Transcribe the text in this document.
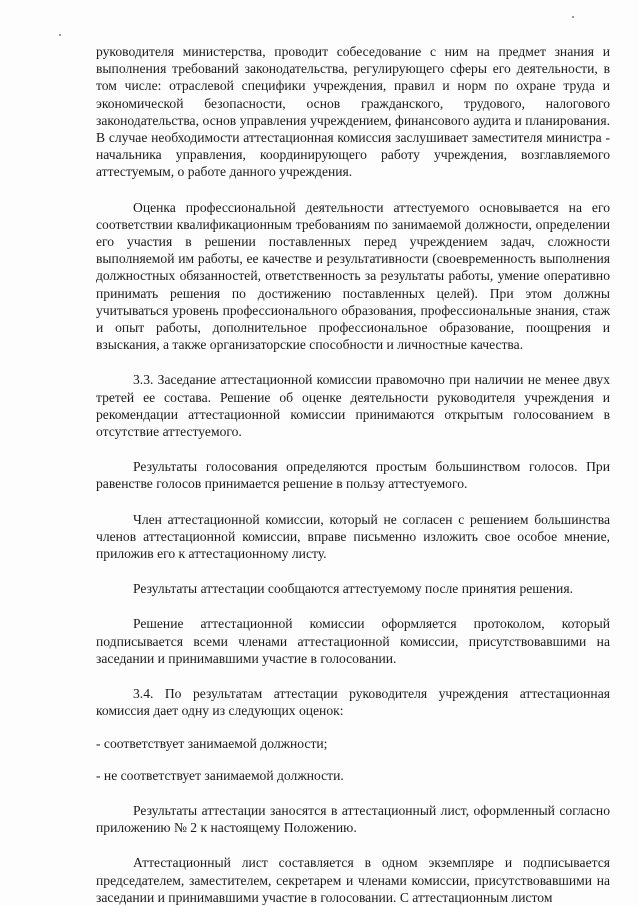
руководителя министерства, проводит собеседование с ним на предмет знания и выполнения требований законодательства, регулирующего сферы его деятельности, в том числе: отраслевой специфики учреждения, правил и норм по охране труда и экономической безопасности, основ гражданского, трудового, налогового законодательства, основ управления учреждением, финансового аудита и планирования. В случае необходимости аттестационная комиссия заслушивает заместителя министра - начальника управления, координирующего работу учреждения, возглавляемого аттестуемым, о работе данного учреждения.

Оценка профессиональной деятельности аттестуемого основывается на его соответствии квалификационным требованиям по занимаемой должности, определении его участия в решении поставленных перед учреждением задач, сложности выполняемой им работы, ее качестве и результативности (своевременность выполнения должностных обязанностей, ответственность за результаты работы, умение оперативно принимать решения по достижению поставленных целей). При этом должны учитываться уровень профессионального образования, профессиональные знания, стаж и опыт работы, дополнительное профессиональное образование, поощрения и взыскания, а также организаторские способности и личностные качества.

3.3. Заседание аттестационной комиссии правомочно при наличии не менее двух третей ее состава. Решение об оценке деятельности руководителя учреждения и рекомендации аттестационной комиссии принимаются открытым голосованием в отсутствие аттестуемого.

Результаты голосования определяются простым большинством голосов. При равенстве голосов принимается решение в пользу аттестуемого.

Член аттестационной комиссии, который не согласен с решением большинства членов аттестационной комиссии, вправе письменно изложить свое особое мнение, приложив его к аттестационному листу.

Результаты аттестации сообщаются аттестуемому после принятия решения.

Решение аттестационной комиссии оформляется протоколом, который подписывается всеми членами аттестационной комиссии, присутствовавшими на заседании и принимавшими участие в голосовании.

3.4. По результатам аттестации руководителя учреждения аттестационная комиссия дает одну из следующих оценок:

- соответствует занимаемой должности;

- не соответствует занимаемой должности.

Результаты аттестации заносятся в аттестационный лист, оформленный согласно приложению № 2 к настоящему Положению.

Аттестационный лист составляется в одном экземпляре и подписывается председателем, заместителем, секретарем и членами комиссии, присутствовавшими на заседании и принимавшими участие в голосовании. С аттестационным листом
